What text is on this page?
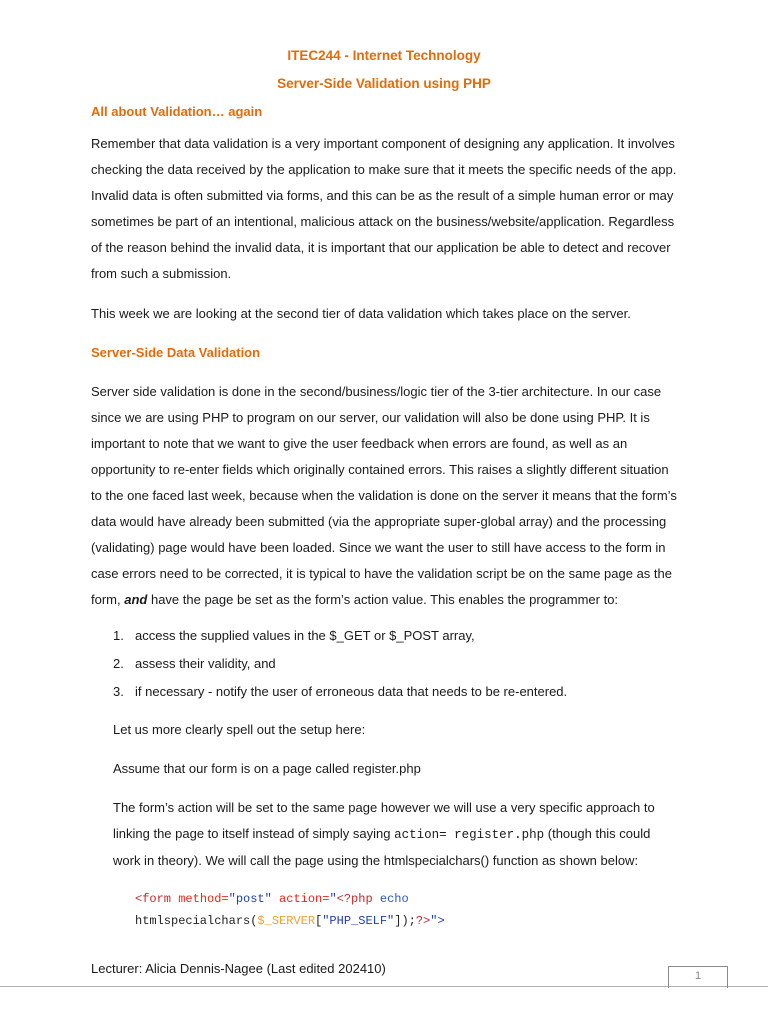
ITEC244 - Internet Technology
Server-Side Validation using PHP
All about Validation… again

Remember that data validation is a very important component of designing any application. It involves checking the data received by the application to make sure that it meets the specific needs of the app. Invalid data is often submitted via forms, and this can be as the result of a simple human error or may sometimes be part of an intentional, malicious attack on the business/website/application. Regardless of the reason behind the invalid data, it is important that our application be able to detect and recover from such a submission.

This week we are looking at the second tier of data validation which takes place on the server.

Server-Side Data Validation

Server side validation is done in the second/business/logic tier of the 3-tier architecture. In our case since we are using PHP to program on our server, our validation will also be done using PHP. It is important to note that we want to give the user feedback when errors are found, as well as an opportunity to re-enter fields which originally contained errors. This raises a slightly different situation to the one faced last week, because when the validation is done on the server it means that the form’s data would have already been submitted (via the appropriate super-global array) and the processing (validating) page would have been loaded. Since we want the user to still have access to the form in case errors need to be corrected, it is typical to have the validation script be on the same page as the form, and have the page be set as the form’s action value. This enables the programmer to:

1. access the supplied values in the $_GET or $_POST array,
2. assess their validity, and
3. if necessary - notify the user of erroneous data that needs to be re-entered.

Let us more clearly spell out the setup here:

Assume that our form is on a page called register.php

The form’s action will be set to the same page however we will use a very specific approach to linking the page to itself instead of simply saying action= register.php (though this could work in theory). We will call the page using the htmlspecialchars() function as shown below:

<form method="post" action="<?php echo htmlspecialchars($_SERVER["PHP_SELF"]);?>">

Lecturer: Alicia Dennis-Nagee (Last edited 202410)	1
